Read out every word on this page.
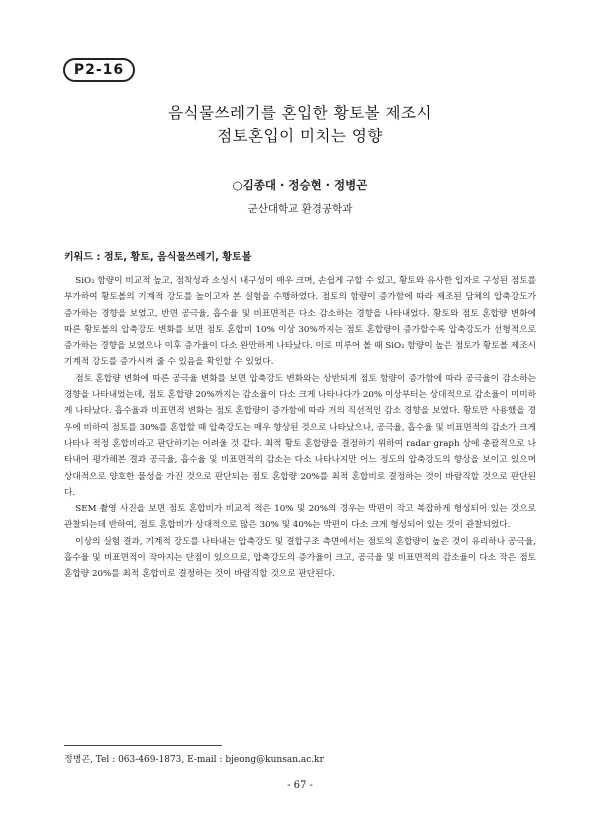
P2-16
음식물쓰레기를 혼입한 황토볼 제조시
점토혼입이 미치는 영향
○김종대 · 정승현 · 정병곤
군산대학교 환경공학과
키워드 : 점토, 황토, 음식물쓰레기, 황토볼

SiO₂ 함량이 비교적 높고, 점착성과 소성시 내구성이 매우 크며, 손쉽게 구할 수 있고, 황토와 유사한 입자로 구성된 점토를 부가하여 황토볼의 기계적 강도를 높이고자 본 실험을 수행하였다. 점토의 함량이 증가함에 따라 제조된 담체의 압축강도가 증가하는 경향을 보였고, 반면 공극율, 흡수율 및 비표면적은 다소 감소하는 경향을 나타내었다. 황토와 점토 혼합량 변화에 따른 황토볼의 압축강도 변화를 보면 점토 혼합비 10% 이상 30%까지는 점토 혼합량이 증가할수록 압축강도가 선형적으로 증가하는 경향을 보였으나 이후 증가율이 다소 완만하게 나타났다. 이로 미루어 볼 때 SiO₂ 함량이 높은 점토가 황토볼 제조시 기계적 강도를 증가시켜 줄 수 있음을 확인할 수 있었다.

점토 혼합량 변화에 따른 공극율 변화를 보면 압축강도 변화와는 상반되게 점토 함량이 증가함에 따라 공극율이 감소하는 경향을 나타내었는데, 점토 혼합량 20%까지는 감소율이 다소 크게 나타나다가 20% 이상부터는 상대적으로 감소율이 미미하게 나타났다. 흡수율과 비표면적 변화는 점토 혼합량이 증가함에 따라 거의 직선적인 감소 경향을 보였다. 황토만 사용했을 경우에 비하여 점토를 30%를 혼합할 때 압축강도는 매우 향상된 것으로 나타났으나, 공극율, 흡수율 및 비표면적의 감소가 크게 나타나 적정 혼합비라고 판단하기는 어려울 것 같다. 최적 황토 혼합량을 결정하기 위하여 radar graph 상에 총괄적으로 나타내어 평가해본 결과 공극율, 흡수율 및 비표면적의 감소는 다소 나타나지만 어느 정도의 압축강도의 향상을 보이고 있으며 상대적으로 양호한 물성을 가진 것으로 판단되는 점토 혼합량 20%를 최적 혼합비로 결정하는 것이 바람직할 것으로 판단된다.

SEM 촬영 사진을 보면 점토 혼합비가 비교적 적은 10% 및 20%의 경우는 박편이 작고 복잡하게 형성되어 있는 것으로 관찰되는데 반하여, 점토 혼합비가 상대적으로 많은 30% 및 40%는 박편이 다소 크게 형성되어 있는 것이 관찰되었다.

이상의 실험 결과, 기계적 강도를 나타내는 압축강도 및 결합구조 측면에서는 점토의 혼합량이 높은 것이 유리하나 공극율, 흡수율 및 비표면적이 작아지는 단점이 있으므로, 압축강도의 증가율이 크고, 공극율 및 비표면적의 감소율이 다소 작은 점토 혼합량 20%를 최적 혼합비로 결정하는 것이 바람직할 것으로 판단된다.

정병곤, Tel : 063-469-1873, E-mail : bjeong@kunsan.ac.kr
- 67 -
